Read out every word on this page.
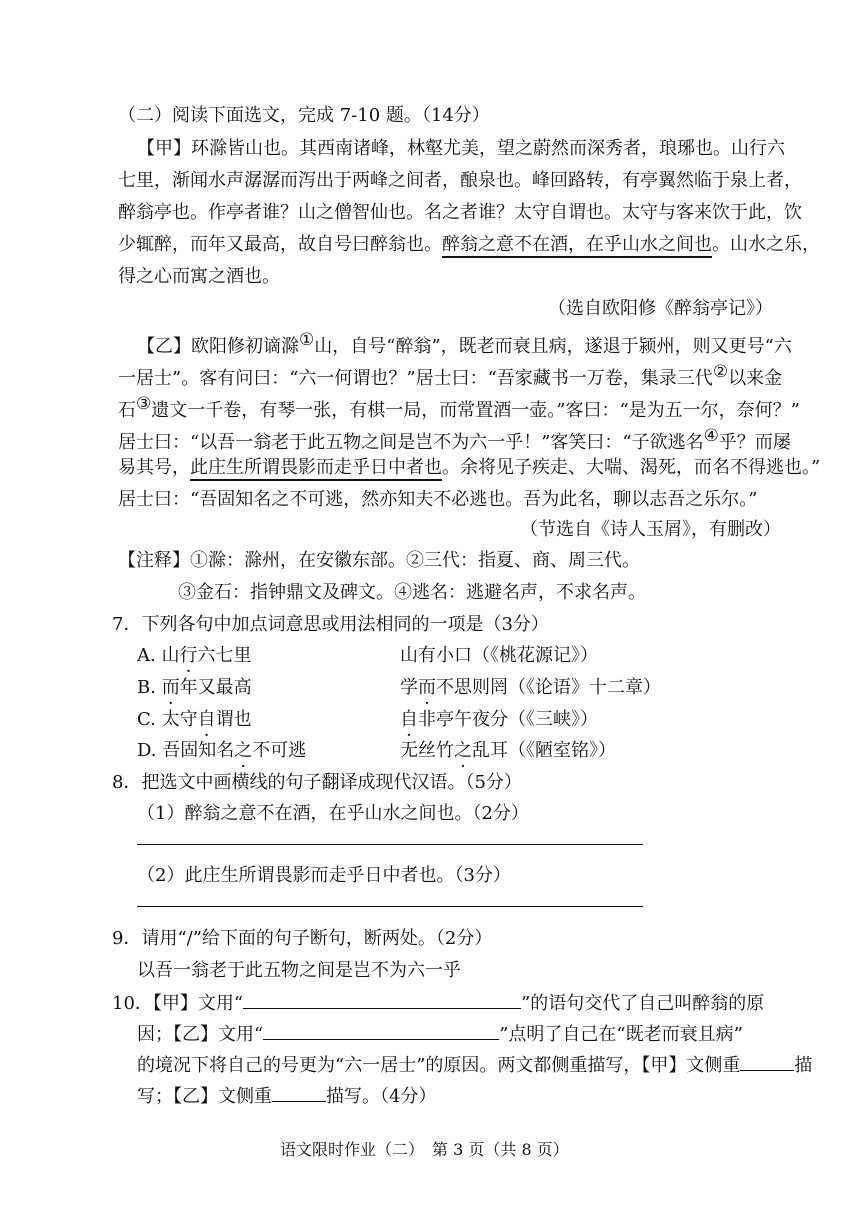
（二）阅读下面选文，完成 7-10 题。（14分）
【甲】环滁皆山也。其西南诸峰，林壑尤美，望之蔚然而深秀者，琅琊也。山行六
七里，渐闻水声潺潺而泻出于两峰之间者，酿泉也。峰回路转，有亭翼然临于泉上者，
醉翁亭也。作亭者谁？山之僧智仙也。名之者谁？太守自谓也。太守与客来饮于此，饮
少辄醉，而年又最高，故自号曰醉翁也。醉翁之意不在酒，在乎山水之间也。山水之乐，
得之心而寓之酒也。
（选自欧阳修《醉翁亭记》）
【乙】欧阳修初谪滁①山，自号“醉翁”，既老而衰且病，遂退于颍州，则又更号“六
一居士”。客有问曰：“六一何谓也？”居士曰：“吾家藏书一万卷，集录三代②以来金
石③遗文一千卷，有琴一张，有棋一局，而常置酒一壶。”客曰：“是为五一尔，奈何？”
居士曰：“以吾一翁老于此五物之间是岂不为六一乎！”客笑曰：“子欲逃名④乎？而屡
易其号，此庄生所谓畏影而走乎日中者也。余将见子疾走、大喘、渴死，而名不得逃也。”
居士曰：“吾固知名之不可逃，然亦知夫不必逃也。吾为此名，聊以志吾之乐尔。”
（节选自《诗人玉屑》，有删改）
【注释】①滁：滁州，在安徽东部。②三代：指夏、商、周三代。
③金石：指钟鼎文及碑文。④逃名：逃避名声，不求名声。
7．下列各句中加点词意思或用法相同的一项是（3分）
A. 山行六七里	山有小口（《桃花源记》）
B. 而年又最高	学而不思则罔（《论语》十二章）
C. 太守自谓也	自非亭午夜分（《三峡》）
D. 吾固知名之不可逃	无丝竹之乱耳（《陋室铭》）
8．把选文中画横线的句子翻译成现代汉语。（5分）
（1）醉翁之意不在酒，在乎山水之间也。（2分）
（2）此庄生所谓畏影而走乎日中者也。（3分）
9．请用“/”给下面的句子断句，断两处。（2分）
以吾一翁老于此五物之间是岂不为六一乎
10．【甲】文用“	”的语句交代了自己叫醉翁的原
因；【乙】文用“	”点明了自己在“既老而衰且病”
的境况下将自己的号更为“六一居士”的原因。两文都侧重描写，【甲】文侧重	描
写；【乙】文侧重	描写。（4分）
语文限时作业（二）　第 3 页（共 8 页）
